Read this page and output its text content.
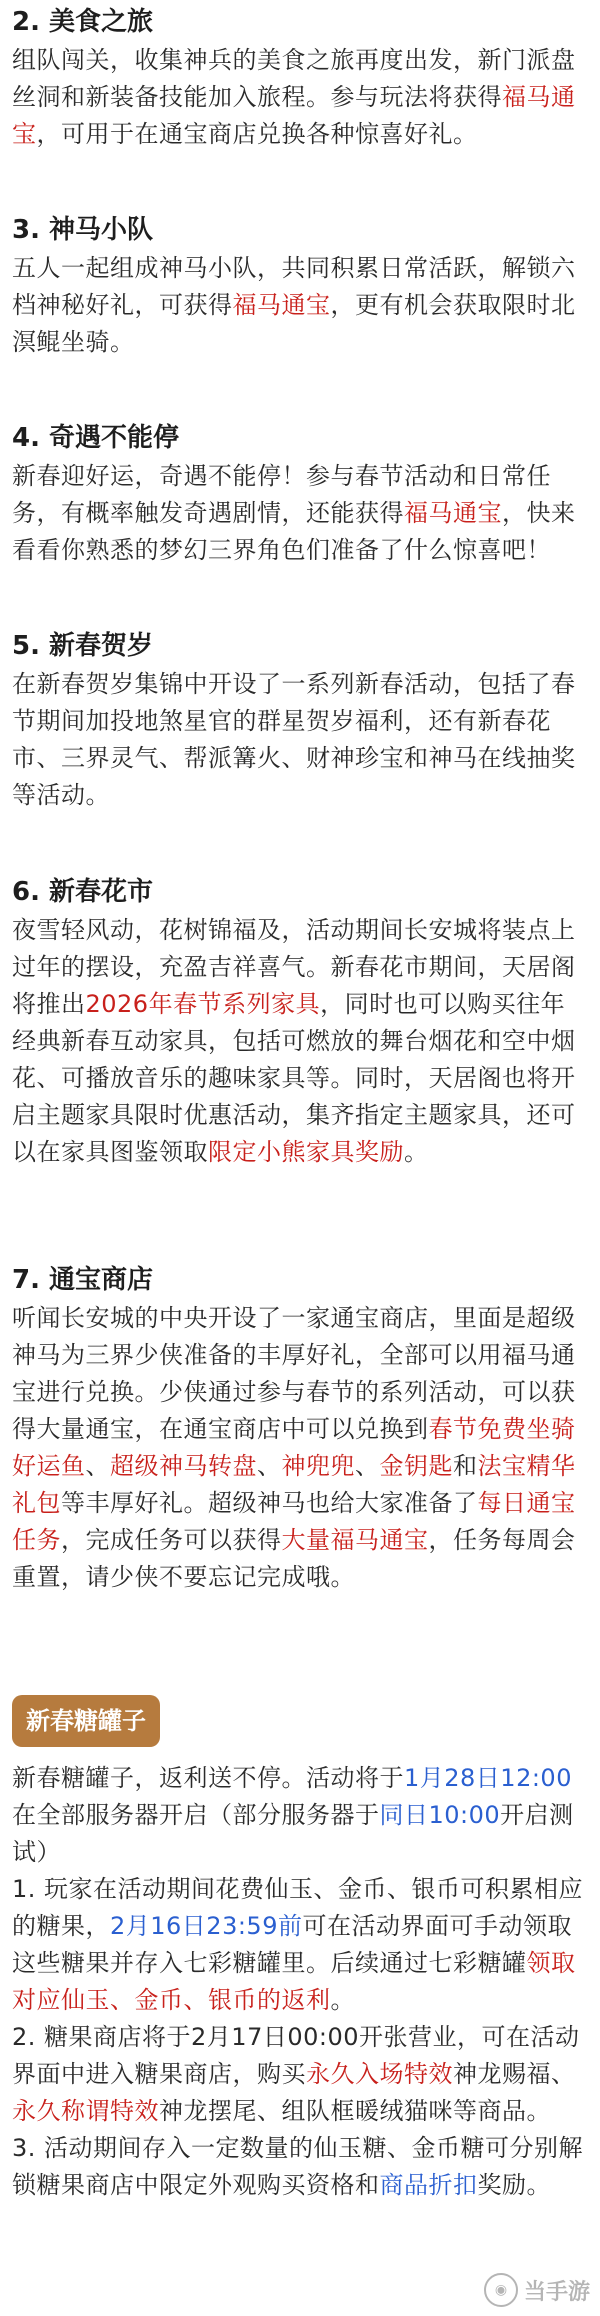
2. 美食之旅
组队闯关，收集神兵的美食之旅再度出发，新门派盘丝洞和新装备技能加入旅程。参与玩法将获得福马通宝，可用于在通宝商店兑换各种惊喜好礼。
3. 神马小队
五人一起组成神马小队，共同积累日常活跃，解锁六档神秘好礼，可获得福马通宝，更有机会获取限时北溟鲲坐骑。
4. 奇遇不能停
新春迎好运，奇遇不能停！参与春节活动和日常任务，有概率触发奇遇剧情，还能获得福马通宝，快来看看你熟悉的梦幻三界角色们准备了什么惊喜吧！
5. 新春贺岁
在新春贺岁集锦中开设了一系列新春活动，包括了春节期间加投地煞星官的群星贺岁福利，还有新春花市、三界灵气、帮派篝火、财神珍宝和神马在线抽奖等活动。
6. 新春花市
夜雪轻风动，花树锦福及，活动期间长安城将装点上过年的摆设，充盈吉祥喜气。新春花市期间，天居阁将推出2026年春节系列家具，同时也可以购买往年经典新春互动家具，包括可燃放的舞台烟花和空中烟花、可播放音乐的趣味家具等。同时，天居阁也将开启主题家具限时优惠活动，集齐指定主题家具，还可以在家具图鉴领取限定小熊家具奖励。
7. 通宝商店
听闻长安城的中央开设了一家通宝商店，里面是超级神马为三界少侠准备的丰厚好礼，全部可以用福马通宝进行兑换。少侠通过参与春节的系列活动，可以获得大量通宝，在通宝商店中可以兑换到春节免费坐骑好运鱼、超级神马转盘、神兜兜、金钥匙和法宝精华礼包等丰厚好礼。超级神马也给大家准备了每日通宝任务，完成任务可以获得大量福马通宝，任务每周会重置，请少侠不要忘记完成哦。
新春糖罐子
新春糖罐子，返利送不停。活动将于1月28日12:00在全部服务器开启（部分服务器于同日10:00开启测试）
1. 玩家在活动期间花费仙玉、金币、银币可积累相应的糖果，2月16日23:59前可在活动界面可手动领取这些糖果并存入七彩糖罐里。后续通过七彩糖罐领取对应仙玉、金币、银币的返利。
2. 糖果商店将于2月17日00:00开张营业，可在活动界面中进入糖果商店，购买永久入场特效神龙赐福、永久称谓特效神龙摆尾、组队框暖绒猫咪等商品。
3. 活动期间存入一定数量的仙玉糖、金币糖可分别解锁糖果商店中限定外观购买资格和商品折扣奖励。
◉ 当手游
